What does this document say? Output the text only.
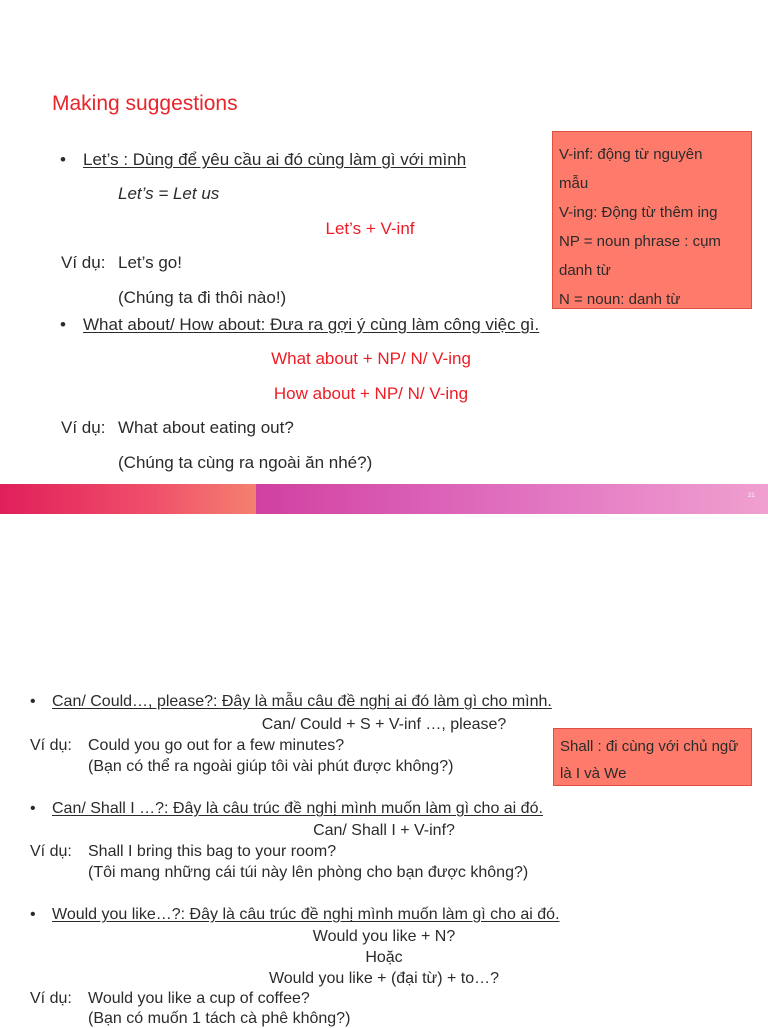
Making suggestions
• Let’s : Dùng để yêu cầu ai đó cùng làm gì với mình
Let’s = Let us
Let’s + V-inf
Ví dụ: Let’s go!
(Chúng ta đi thôi nào!)
• What about/ How about: Đưa ra gợi ý cùng làm công việc gì.
What about + NP/ N/ V-ing
How about + NP/ N/ V-ing
Ví dụ: What about eating out?
(Chúng ta cùng ra ngoài ăn nhé?)
V-inf: động từ nguyên
mẫu
V-ing: Động từ thêm ing
NP = noun phrase : cụm
danh từ
N = noun: danh từ
21
• Can/ Could…, please?: Đây là mẫu câu đề nghị ai đó làm gì cho mình.
Can/ Could + S + V-inf …, please?
Ví dụ: Could you go out for a few minutes?
(Bạn có thể ra ngoài giúp tôi vài phút được không?)
Shall : đi cùng với chủ ngữ
là I và We
• Can/ Shall I …?: Đây là câu trúc đề nghị mình muốn làm gì cho ai đó.
Can/ Shall I + V-inf?
Ví dụ: Shall I bring this bag to your room?
(Tôi mang những cái túi này lên phòng cho bạn được không?)
• Would you like…?: Đây là câu trúc đề nghị mình muốn làm gì cho ai đó.
Would you like + N?
Hoặc
Would you like + (đại từ) + to…?
Ví dụ: Would you like a cup of coffee?
(Bạn có muốn 1 tách cà phê không?)
